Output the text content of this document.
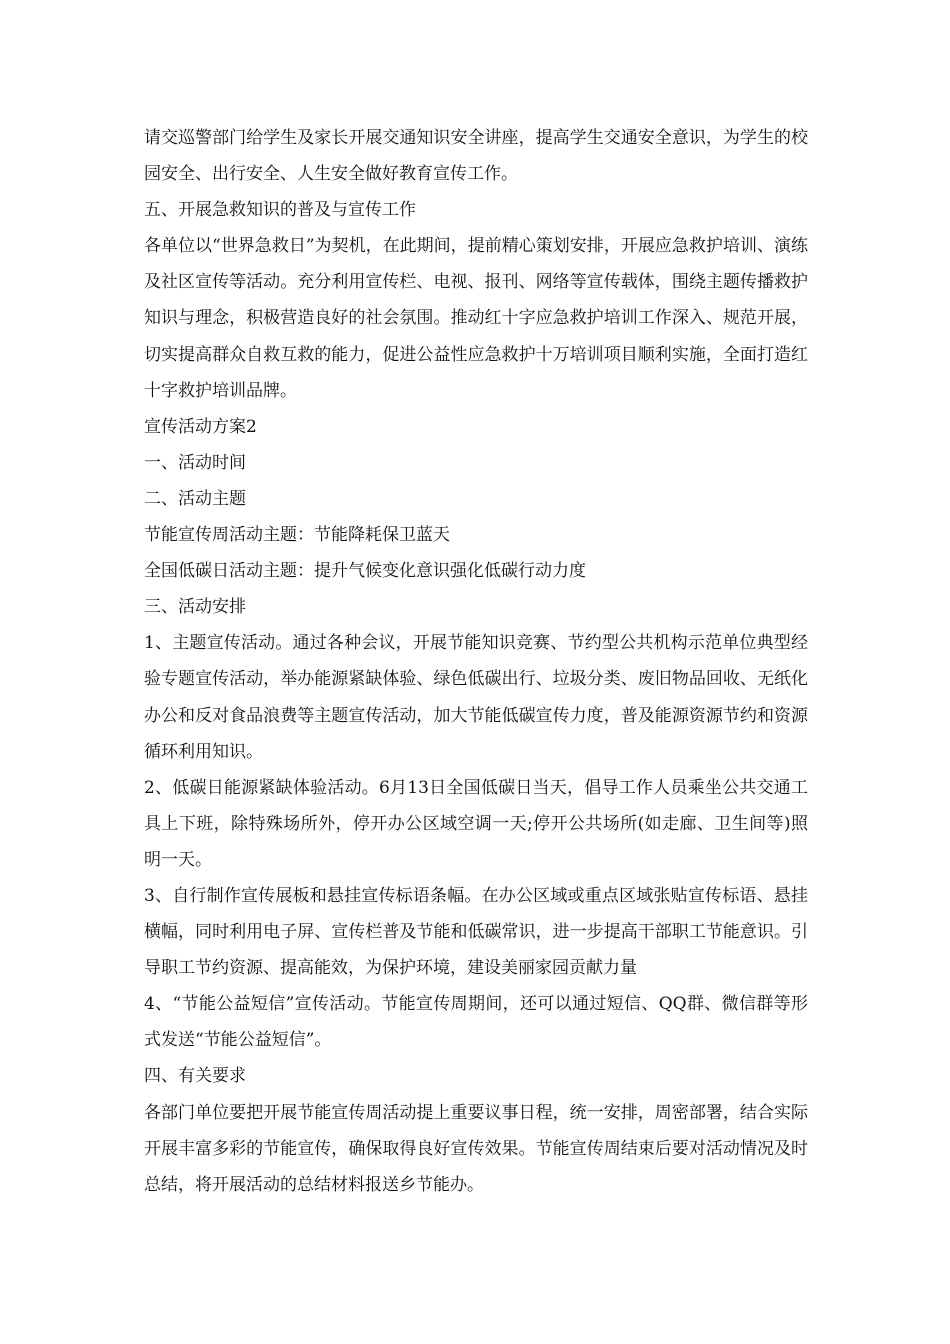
请交巡警部门给学生及家长开展交通知识安全讲座，提高学生交通安全意识，为学生的校园安全、出行安全、人生安全做好教育宣传工作。

五、开展急救知识的普及与宣传工作

各单位以“世界急救日”为契机，在此期间，提前精心策划安排，开展应急救护培训、演练及社区宣传等活动。充分利用宣传栏、电视、报刊、网络等宣传载体，围绕主题传播救护知识与理念，积极营造良好的社会氛围。推动红十字应急救护培训工作深入、规范开展，切实提高群众自救互救的能力，促进公益性应急救护十万培训项目顺利实施，全面打造红十字救护培训品牌。

宣传活动方案2

一、活动时间

二、活动主题

节能宣传周活动主题：节能降耗保卫蓝天

全国低碳日活动主题：提升气候变化意识强化低碳行动力度

三、活动安排

1、主题宣传活动。通过各种会议，开展节能知识竞赛、节约型公共机构示范单位典型经验专题宣传活动，举办能源紧缺体验、绿色低碳出行、垃圾分类、废旧物品回收、无纸化办公和反对食品浪费等主题宣传活动，加大节能低碳宣传力度，普及能源资源节约和资源循环利用知识。

2、低碳日能源紧缺体验活动。6月13日全国低碳日当天，倡导工作人员乘坐公共交通工具上下班，除特殊场所外，停开办公区域空调一天;停开公共场所(如走廊、卫生间等)照明一天。

3、自行制作宣传展板和悬挂宣传标语条幅。在办公区域或重点区域张贴宣传标语、悬挂横幅，同时利用电子屏、宣传栏普及节能和低碳常识，进一步提高干部职工节能意识。引导职工节约资源、提高能效，为保护环境，建设美丽家园贡献力量

4、“节能公益短信”宣传活动。节能宣传周期间，还可以通过短信、QQ群、微信群等形式发送“节能公益短信”。

四、有关要求

各部门单位要把开展节能宣传周活动提上重要议事日程，统一安排，周密部署，结合实际开展丰富多彩的节能宣传，确保取得良好宣传效果。节能宣传周结束后要对活动情况及时总结，将开展活动的总结材料报送乡节能办。
